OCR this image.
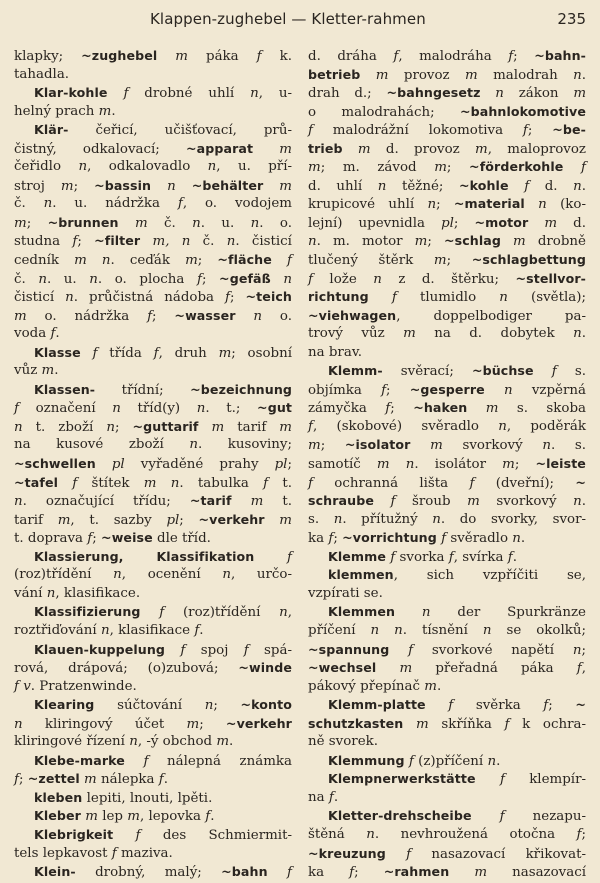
Klappen-zughebel — Kletter-rahmen	235
klapky; ~zughebel m páka f k.
tahadla.
Klar-kohle f drobné uhlí n, u-
helný prach m.
Klär- čeřicí, učišťovací, prů-
čistný, odkalovací; ~apparat m
čeřidlo n, odkalovadlo n, u. pří-
stroj m; ~bassin n ~behälter m
č. n. u. nádržka f, o. vodojem
m; ~brunnen m č. n. u. n. o.
studna f; ~filter m, n č. n. čisticí
cedník m n. ceďák m; ~fläche f
č. n. u. n. o. plocha f; ~gefäß n
čisticí n. průčistná nádoba f; ~teich
m o. nádržka f; ~wasser n o.
voda f.
Klasse f třída f, druh m; osobní
vůz m.
Klassen- třídní; ~bezeichnung
f označení n tříd(y) n. t.; ~gut
n t. zboží n; ~guttarif m tarif m
na kusové zboží n. kusoviny;
~schwellen pl vyřaděné prahy pl;
~tafel f štítek m n. tabulka f t.
n. označující třídu; ~tarif m t.
tarif m, t. sazby pl; ~verkehr m
t. doprava f; ~weise dle tříd.
Klassierung, Klassifikation f
(roz)třídění n, ocenění n, určo-
vání n, klasifikace.
Klassifizierung f (roz)třídění n,
roztřiďování n, klasifikace f.
Klauen-kuppelung f spoj f spá-
rová, drápová; (o)zubová; ~winde
f v. Pratzenwinde.
Klearing súčtování n; ~konto
n kliringový účet m; ~verkehr
kliringové řízení n, -ý obchod m.
Klebe-marke f nálepná známka
f; ~zettel m nálepka f.
kleben lepiti, lnouti, lpěti.
Kleber m lep m, lepovka f.
Klebrigkeit f des Schmiermit-
tels lepkavost f maziva.
Klein- drobný, malý; ~bahn f
d. dráha f, malodráha f; ~bahn-
betrieb m provoz m malodrah n.
drah d.; ~bahngesetz n zákon m
o malodrahách; ~bahnlokomotive
f malodrážní lokomotiva f; ~be-
trieb m d. provoz m, maloprovoz
m; m. závod m; ~förderkohle f
d. uhlí n těžné; ~kohle f d. n.
krupicové uhlí n; ~material n (ko-
lejní) upevnidla pl; ~motor m d.
n. m. motor m; ~schlag m drobně
tlučený štěrk m; ~schlagbettung
f lože n z d. štěrku; ~stellvor-
richtung f tlumidlo n (světla);
~viehwagen, doppelbodiger pa-
trový vůz m na d. dobytek n.
na brav.
Klemm- svěrací; ~büchse f s.
objímka f; ~gesperre n vzpěrná
zámyčka f; ~haken m s. skoba
f, (skobové) svěradlo n, poděrák
m; ~isolator m svorkový n. s.
samotíč m n. isolátor m; ~leiste
f ochranná lišta f (dveřní); ~
schraube f šroub m svorkový n.
s. n. přítužný n. do svorky, svor-
ka f; ~vorrichtung f svěradlo n.
Klemme f svorka f, svírka f.
klemmen, sich vzpříčiti se,
vzpírati se.
Klemmen n der Spurkränze
příčení n n. tísnění n se okolků;
~spannung f svorkové napětí n;
~wechsel m přeřadná páka f,
pákový přepínač m.
Klemm-platte f svěrka f; ~
schutzkasten m skříňka f k ochra-
ně svorek.
Klemmung f (z)příčení n.
Klempnerwerkstätte f klempír-
na f.
Kletter-drehscheibe f nezapu-
štěná n. nevhroužená otočna f;
~kreuzung f nasazovací křikovat-
ka f; ~rahmen m nasazovací
